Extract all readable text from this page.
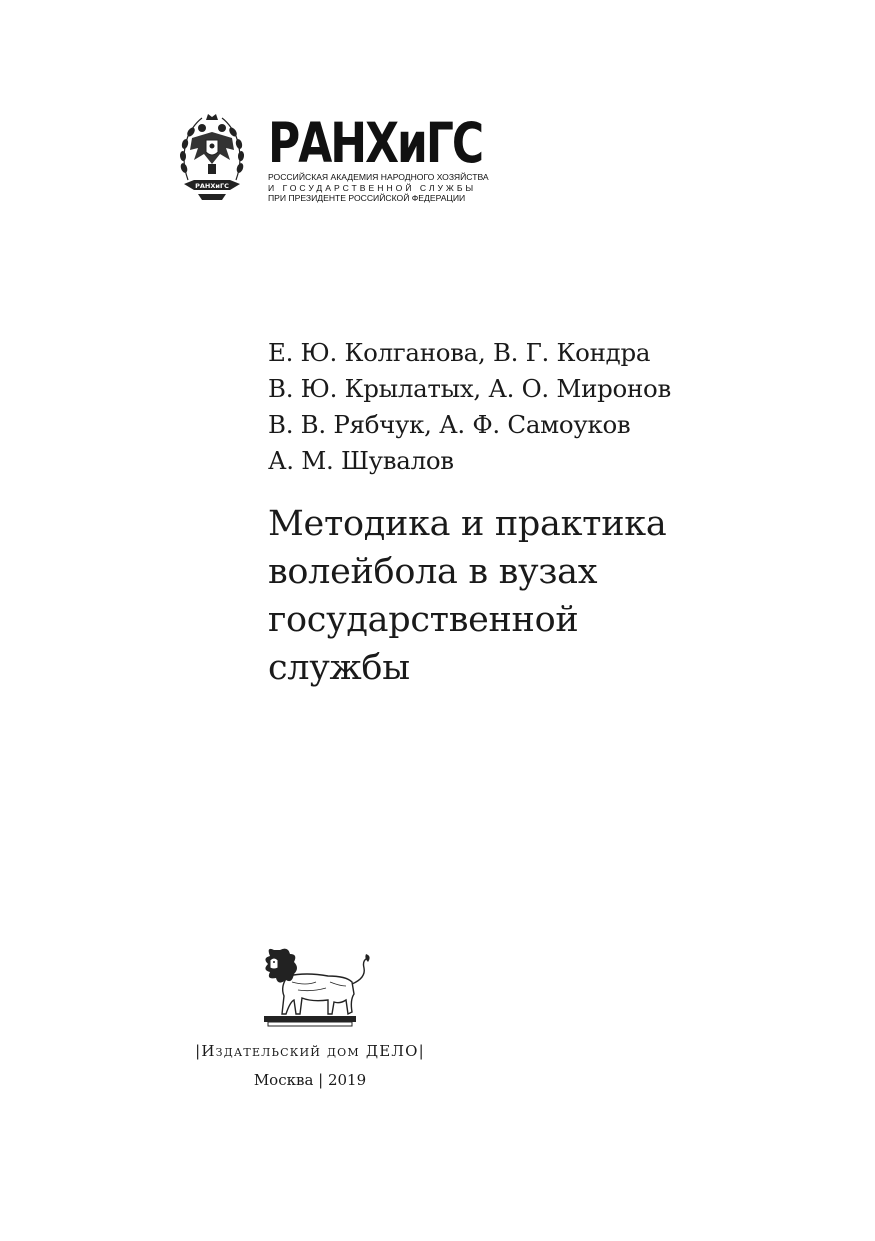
РАНХиГС
РАНХиГС
РОССИЙСКАЯ АКАДЕМИЯ НАРОДНОГО ХОЗЯЙСТВА
И ГОСУДАРСТВЕННОЙ СЛУЖБЫ
ПРИ ПРЕЗИДЕНТЕ РОССИЙСКОЙ ФЕДЕРАЦИИ
Е. Ю. Колганова, В. Г. Кондра
В. Ю. Крылатых, А. О. Миронов
В. В. Рябчук, А. Ф. Самоуков
А. М. Шувалов
Методика и практика
волейбола в вузах
государственной
службы
|Издательский дом ДЕЛО|
Москва | 2019
